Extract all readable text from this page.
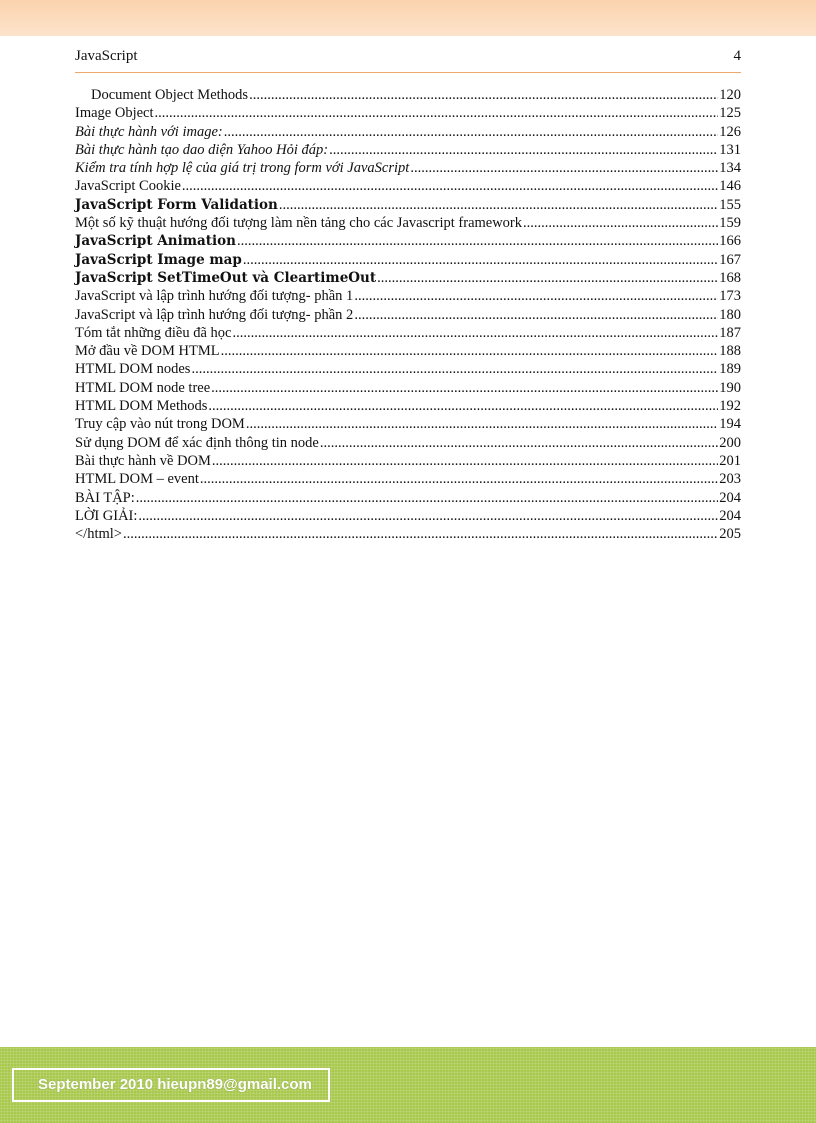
JavaScript	4
Document Object Methods .....	120
Image Object .....	125
Bài thực hành với image: .....	126
Bài thực hành tạo dao diện Yahoo Hỏi đáp: .....	131
Kiểm tra tính hợp lệ của giá trị trong form với JavaScript .....	134
JavaScript Cookie .....	146
JavaScript Form Validation .....	155
Một số kỹ thuật hướng đối tượng làm nền tảng cho các Javascript framework .....	159
JavaScript Animation .....	166
JavaScript Image map .....	167
JavaScript SetTimeOut và CleartimeOut .....	168
JavaScript và lập trình hướng đối tượng- phần 1 .....	173
JavaScript và lập trình hướng đối tượng- phần 2 .....	180
Tóm tắt những điều đã học .....	187
Mở đầu về DOM HTML .....	188
HTML DOM nodes .....	189
HTML DOM node tree .....	190
HTML DOM Methods .....	192
Truy cập vào nút trong DOM .....	194
Sử dụng DOM để xác định thông tin node .....	200
Bài thực hành về DOM .....	201
HTML DOM – event .....	203
BÀI TẬP: .....	204
LỜI GIẢI: .....	204
</html> .....	205
September 2010 hieupn89@gmail.com
